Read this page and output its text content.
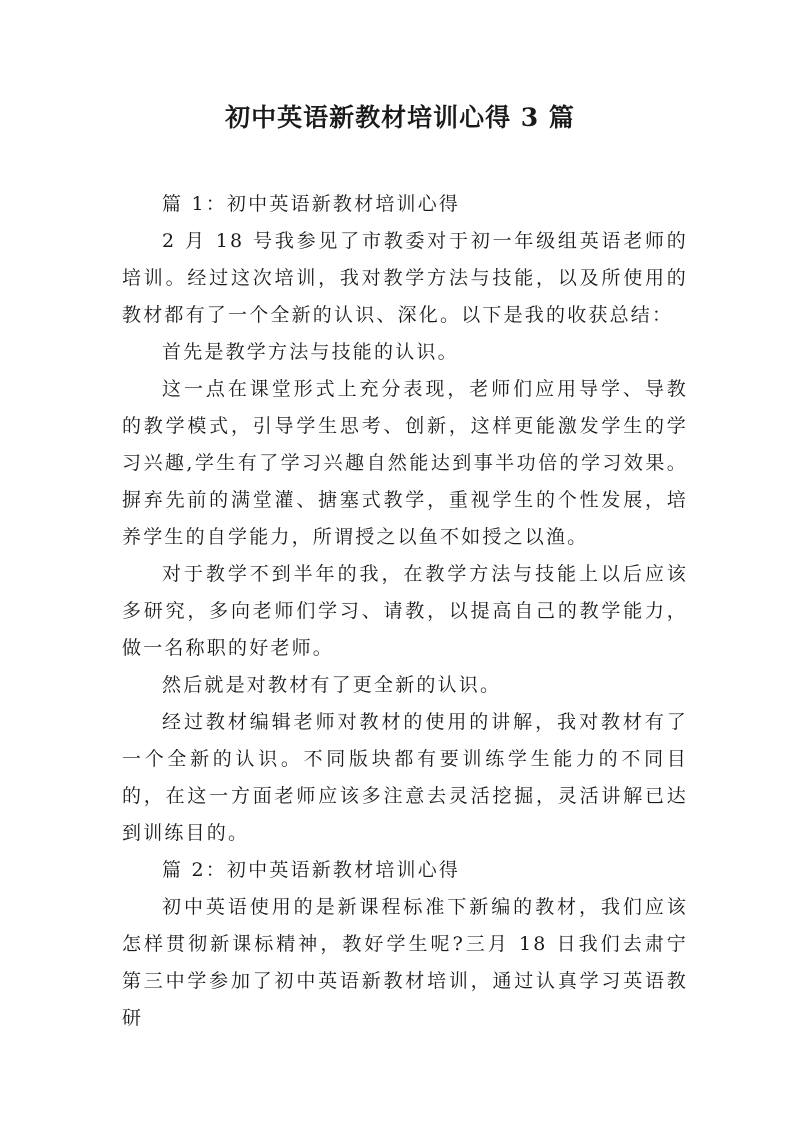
初中英语新教材培训心得 3 篇

篇 1：初中英语新教材培训心得

2 月 18 号我参见了市教委对于初一年级组英语老师的培训。经过这次培训，我对教学方法与技能，以及所使用的教材都有了一个全新的认识、深化。以下是我的收获总结：

首先是教学方法与技能的认识。

这一点在课堂形式上充分表现，老师们应用导学、导教的教学模式，引导学生思考、创新，这样更能激发学生的学习兴趣,学生有了学习兴趣自然能达到事半功倍的学习效果。摒弃先前的满堂灌、搪塞式教学，重视学生的个性发展，培养学生的自学能力，所谓授之以鱼不如授之以渔。

对于教学不到半年的我，在教学方法与技能上以后应该多研究，多向老师们学习、请教，以提高自己的教学能力，做一名称职的好老师。

然后就是对教材有了更全新的认识。

经过教材编辑老师对教材的使用的讲解，我对教材有了一个全新的认识。不同版块都有要训练学生能力的不同目的，在这一方面老师应该多注意去灵活挖掘，灵活讲解已达到训练目的。

篇 2：初中英语新教材培训心得

初中英语使用的是新课程标准下新编的教材，我们应该怎样贯彻新课标精神，教好学生呢?三月 18 日我们去肃宁第三中学参加了初中英语新教材培训，通过认真学习英语教研
